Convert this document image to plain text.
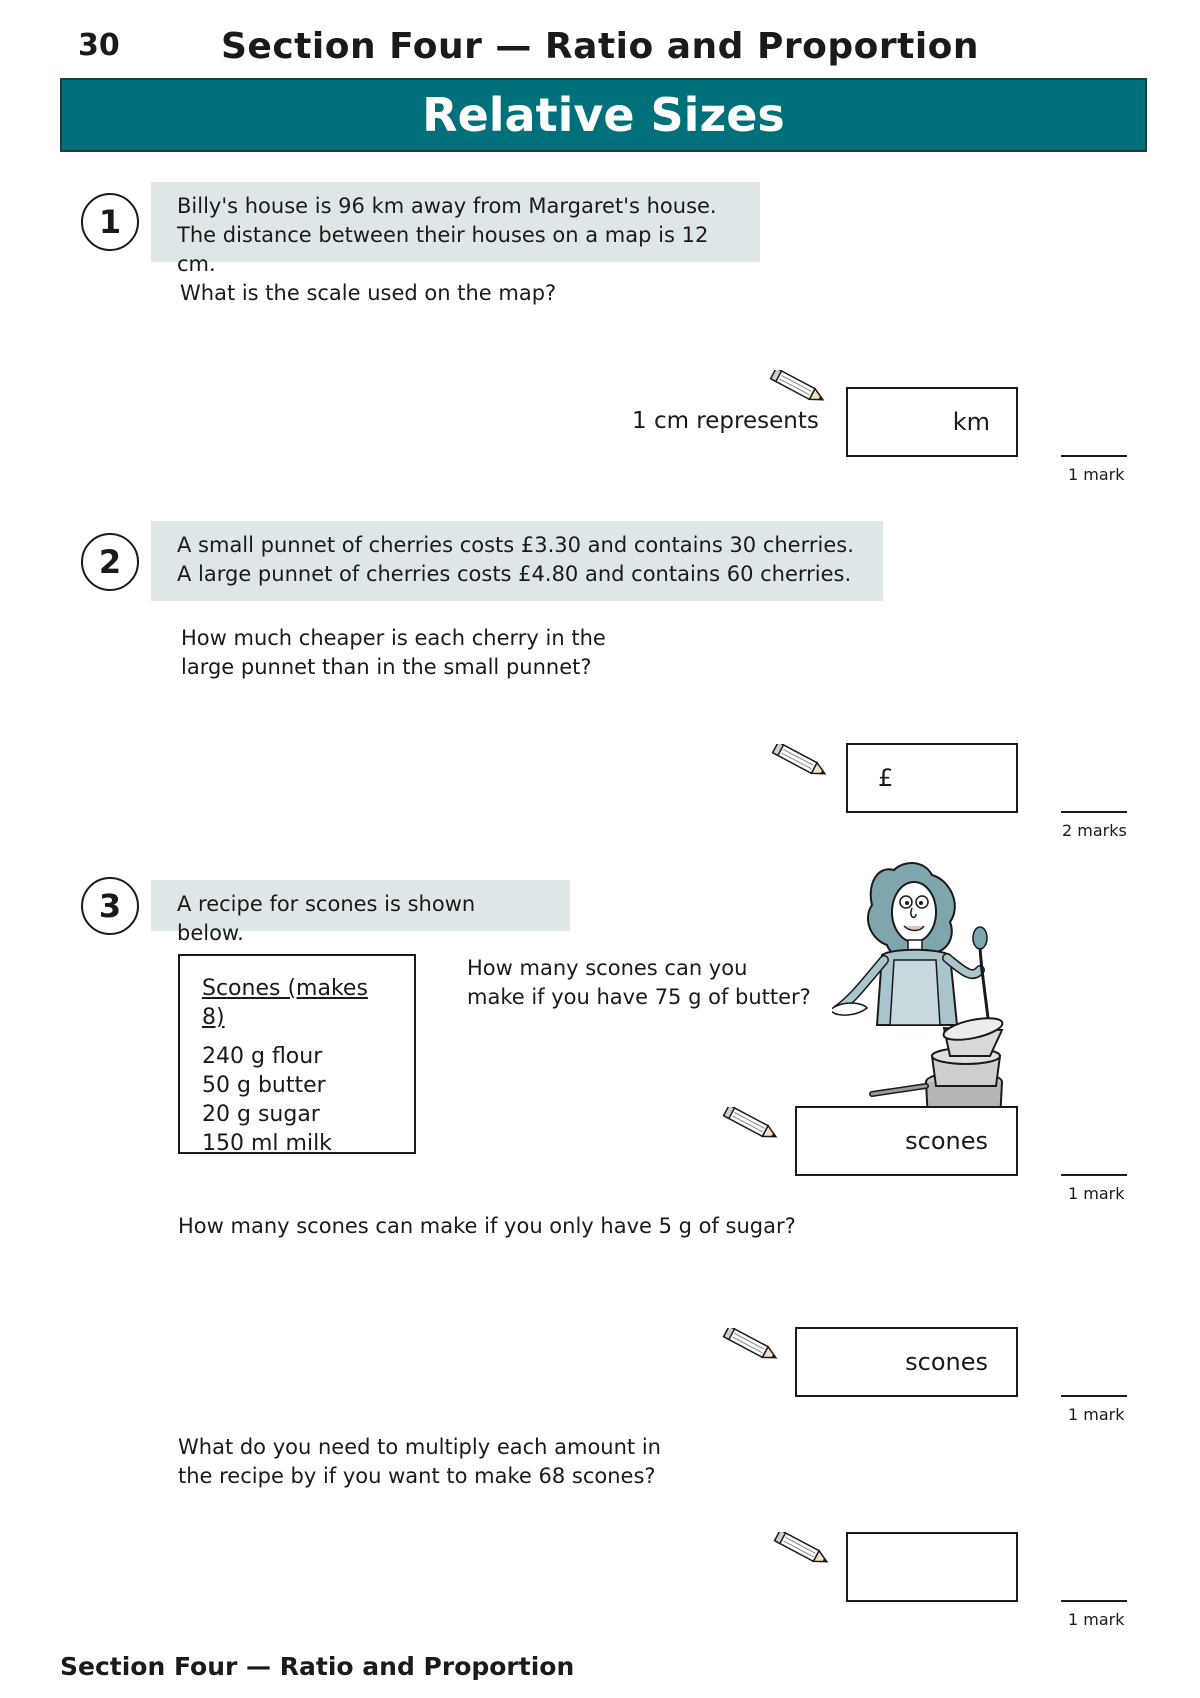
30	Section Four — Ratio and Proportion
Relative Sizes
1	Billy's house is 96 km away from Margaret's house.
The distance between their houses on a map is 12 cm.
What is the scale used on the map?
1 cm represents	km
1 mark
2	A small punnet of cherries costs £3.30 and contains 30 cherries.
A large punnet of cherries costs £4.80 and contains 60 cherries.
How much cheaper is each cherry in the
large punnet than in the small punnet?
£
2 marks
3	A recipe for scones is shown below.
Scones (makes 8)
240 g flour
50 g butter
20 g sugar
150 ml milk
How many scones can you
make if you have 75 g of butter?
scones
1 mark
How many scones can make if you only have 5 g of sugar?
scones
1 mark
What do you need to multiply each amount in
the recipe by if you want to make 68 scones?
1 mark
Section Four — Ratio and Proportion
